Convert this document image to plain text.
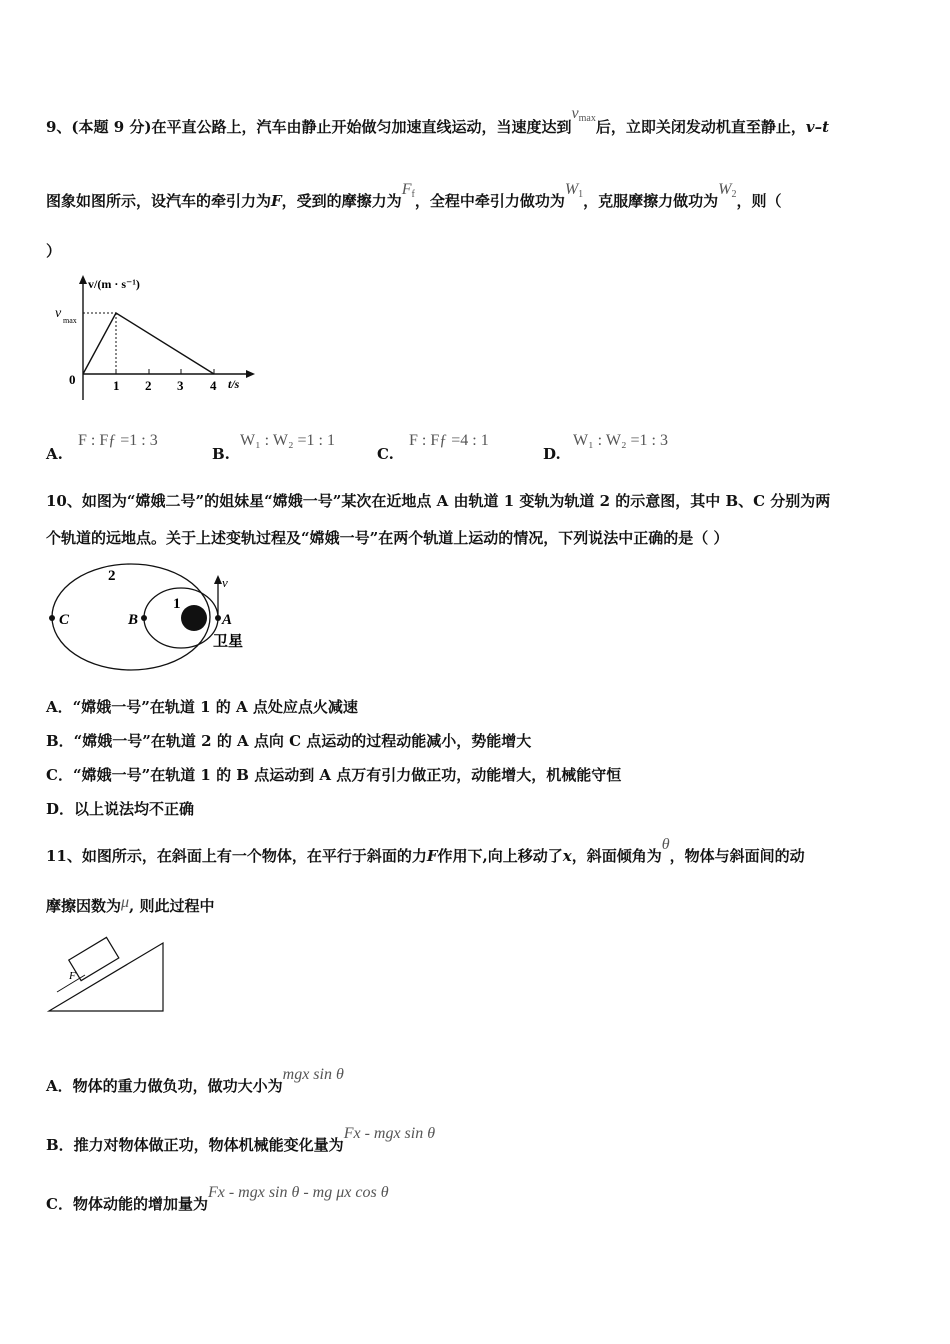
9、(本题 9 分)在平直公路上，汽车由静止开始做匀加速直线运动，当速度达到$v_{max}$后，立即关闭发动机直至静止，v–t
图象如图所示，设汽车的牵引力为F，受到的摩擦力为$F_f$，全程中牵引力做功为$W_1$，克服摩擦力做功为$W_2$，则（
）
v/(m · s⁻¹)
v max
0	1 2 3 4 t/s
A.
F : Fƒ =1 : 3
B.
W₁ : W₂ =1 : 1
C.
F : Fƒ =4 : 1
D.
W₁ : W₂ =1 : 3
10、如图为“嫦娥二号”的姐妹星“嫦娥一号”某次在近地点 A 由轨道 1 变轨为轨道 2 的示意图，其中 B、C 分别为两
个轨道的远地点。关于上述变轨过程及“嫦娥一号”在两个轨道上运动的情况，下列说法中正确的是（ ）
2
1
C	B	A
v
卫星
A．“嫦娥一号”在轨道 1 的 A 点处应点火减速
B．“嫦娥一号”在轨道 2 的 A 点向 C 点运动的过程动能减小，势能增大
C．“嫦娥一号”在轨道 1 的 B 点运动到 A 点万有引力做正功，动能增大，机械能守恒
D．以上说法均不正确
11、如图所示，在斜面上有一个物体，在平行于斜面的力F作用下,向上移动了x，斜面倾角为θ，物体与斜面间的动
摩擦因数为μ, 则此过程中
F
A．物体的重力做负功，做功大小为mgx sin θ
B．推力对物体做正功，物体机械能变化量为Fx - mgx sin θ
C．物体动能的增加量为Fx - mgx sin θ - mg μx cos θ
